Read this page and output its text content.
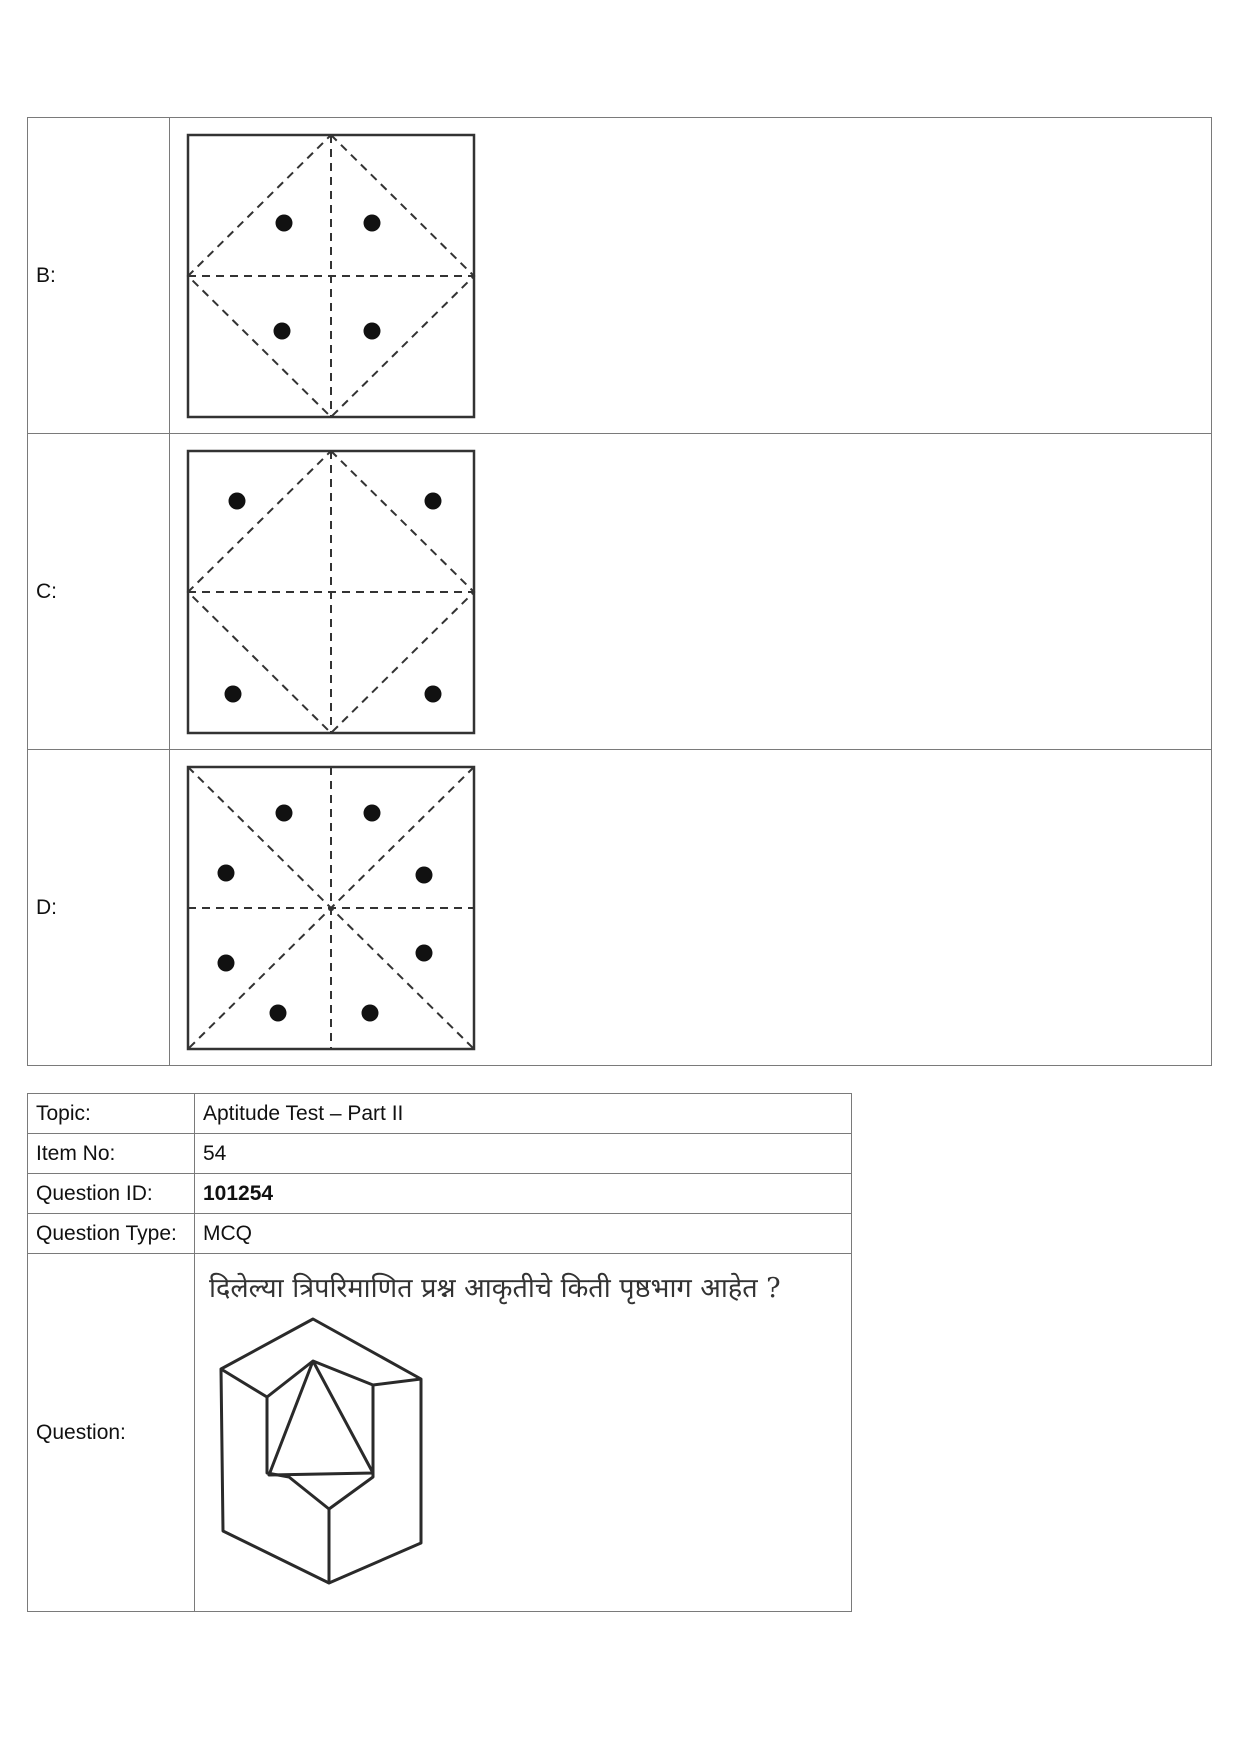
B:	

C:	

D:	
Topic:	Aptitude Test – Part II
Item No:	54
Question ID:	101254
Question Type:	MCQ
Question:	दिलेल्या त्रिपरिमाणित प्रश्न आकृतीचे किती पृष्ठभाग आहेत ?
